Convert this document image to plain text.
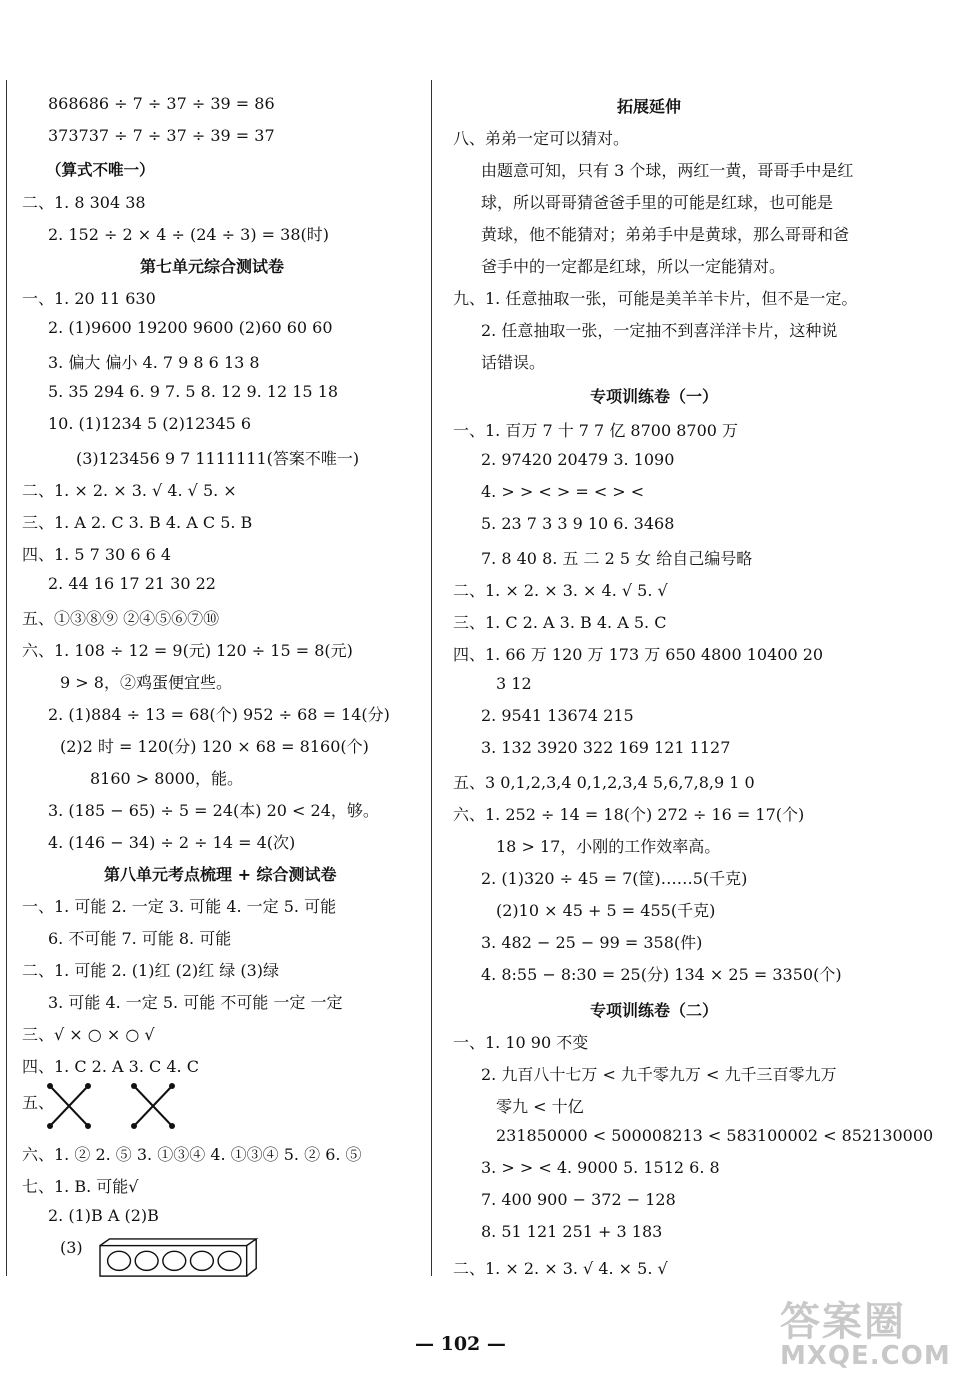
868686 ÷ 7 ÷ 37 ÷ 39 = 86
373737 ÷ 7 ÷ 37 ÷ 39 = 37
（算式不唯一）
二、1. 8 304 38
2. 152 ÷ 2 × 4 ÷ (24 ÷ 3) = 38(时)
第七单元综合测试卷
一、1. 20 11 630
2. (1)9600 19200 9600 (2)60 60 60
3. 偏大 偏小 4. 7 9 8 6 13 8
5. 35 294 6. 9 7. 5 8. 12 9. 12 15 18
10. (1)1234 5 (2)12345 6
(3)123456 9 7 1111111(答案不唯一)
二、1. × 2. × 3. √ 4. √ 5. ×
三、1. A 2. C 3. B 4. A C 5. B
四、1. 5 7 30 6 6 4
2. 44 16 17 21 30 22
五、①③⑧⑨ ②④⑤⑥⑦⑩
六、1. 108 ÷ 12 = 9(元) 120 ÷ 15 = 8(元)
9 > 8，②鸡蛋便宜些。
2. (1)884 ÷ 13 = 68(个) 952 ÷ 68 = 14(分)
(2)2 时 = 120(分) 120 × 68 = 8160(个)
8160 > 8000，能。
3. (185 − 65) ÷ 5 = 24(本) 20 < 24，够。
4. (146 − 34) ÷ 2 ÷ 14 = 4(次)
第八单元考点梳理 + 综合测试卷
一、1. 可能 2. 一定 3. 可能 4. 一定 5. 可能
6. 不可能 7. 可能 8. 可能
二、1. 可能 2. (1)红 (2)红 绿 (3)绿
3. 可能 4. 一定 5. 可能 不可能 一定 一定
三、√ × ○ × ○ √
四、1. C 2. A 3. C 4. C
五、
六、1. ② 2. ⑤ 3. ①③④ 4. ①③④ 5. ② 6. ⑤
七、1. B. 可能√
2. (1)B A (2)B
(3)
拓展延伸
八、弟弟一定可以猜对。
由题意可知，只有 3 个球，两红一黄，哥哥手中是红
球，所以哥哥猜爸爸手里的可能是红球，也可能是
黄球，他不能猜对；弟弟手中是黄球，那么哥哥和爸
爸手中的一定都是红球，所以一定能猜对。
九、1. 任意抽取一张，可能是美羊羊卡片，但不是一定。
2. 任意抽取一张，一定抽不到喜洋洋卡片，这种说
话错误。
专项训练卷（一）
一、1. 百万 7 十 7 7 亿 8700 8700 万
2. 97420 20479 3. 1090
4. > > < > = < > <
5. 23 7 3 3 9 10 6. 3468
7. 8 40 8. 五 二 2 5 女 给自己编号略
二、1. × 2. × 3. × 4. √ 5. √
三、1. C 2. A 3. B 4. A 5. C
四、1. 66 万 120 万 173 万 650 4800 10400 20
3 12
2. 9541 13674 215
3. 132 3920 322 169 121 1127
五、3 0,1,2,3,4 0,1,2,3,4 5,6,7,8,9 1 0
六、1. 252 ÷ 14 = 18(个) 272 ÷ 16 = 17(个)
18 > 17，小刚的工作效率高。
2. (1)320 ÷ 45 = 7(筐)……5(千克)
(2)10 × 45 + 5 = 455(千克)
3. 482 − 25 − 99 = 358(件)
4. 8:55 − 8:30 = 25(分) 134 × 25 = 3350(个)
专项训练卷（二）
一、1. 10 90 不变
2. 九百八十七万 < 九千零九万 < 九千三百零九万
零九 < 十亿
231850000 < 500008213 < 583100002 < 852130000
3. > > < 4. 9000 5. 1512 6. 8
7. 400 900 − 372 − 128
8. 51 121 251 + 3 183
二、1. × 2. × 3. √ 4. × 5. √
— 102 —	答案圈
MXQE.COM
